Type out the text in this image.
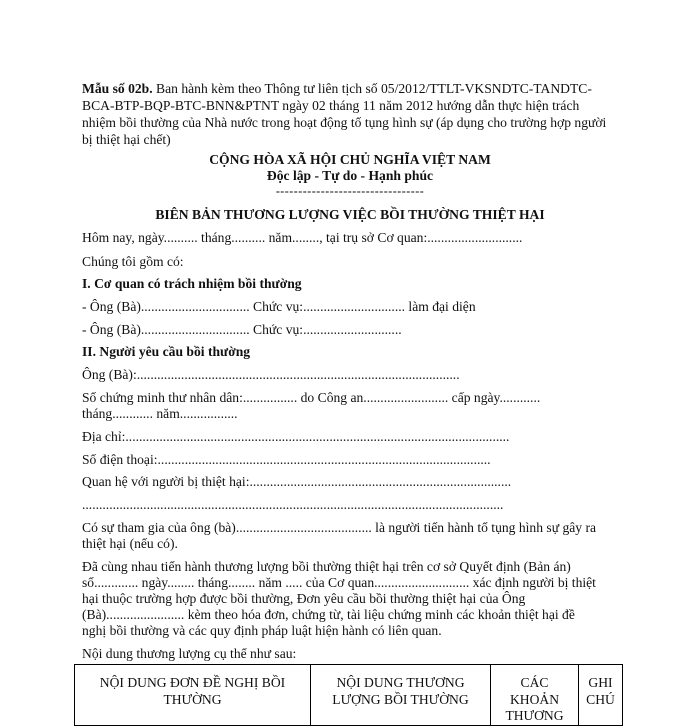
Mẫu số 02b. Ban hành kèm theo Thông tư liên tịch số 05/2012/TTLT-VKSNDTC-TANDTC-
BCA-BTP-BQP-BTC-BNN&PTNT ngày 02 tháng 11 năm 2012 hướng dẫn thực hiện trách
nhiệm bồi thường của Nhà nước trong hoạt động tố tụng hình sự (áp dụng cho trường hợp người
bị thiệt hại chết)
CỘNG HÒA XÃ HỘI CHỦ NGHĨA VIỆT NAM
Độc lập - Tự do - Hạnh phúc
---------------------------------
BIÊN BẢN THƯƠNG LƯỢNG VIỆC BỒI THƯỜNG THIỆT HẠI
Hôm nay, ngày.......... tháng.......... năm........, tại trụ sở Cơ quan:............................
Chúng tôi gồm có:
I. Cơ quan có trách nhiệm bồi thường
- Ông (Bà)................................ Chức vụ:.............................. làm đại diện
- Ông (Bà)................................ Chức vụ:.............................
II. Người yêu cầu bồi thường
Ông (Bà):...............................................................................................
Số chứng minh thư nhân dân:................ do Công an......................... cấp ngày............
tháng............ năm.................
Địa chỉ:.................................................................................................................
Số điện thoại:..................................................................................................
Quan hệ với người bị thiệt hại:.............................................................................
............................................................................................................................
Có sự tham gia của ông (bà)........................................ là người tiến hành tố tụng hình sự gây ra
thiệt hại (nếu có).
Đã cùng nhau tiến hành thương lượng bồi thường thiệt hại trên cơ sở Quyết định (Bản án)
số............. ngày........ tháng........ năm ..... của Cơ quan............................ xác định người bị thiệt
hại thuộc trường hợp được bồi thường, Đơn yêu cầu bồi thường thiệt hại của Ông
(Bà)....................... kèm theo hóa đơn, chứng từ, tài liệu chứng minh các khoản thiệt hại đề
nghị bồi thường và các quy định pháp luật hiện hành có liên quan.
Nội dung thương lượng cụ thể như sau:
NỘI DUNG ĐƠN ĐỀ NGHỊ BỒI THƯỜNG	NỘI DUNG THƯƠNG LƯỢNG BỒI THƯỜNG	CÁC KHOẢN THƯƠNG	GHI CHÚ
